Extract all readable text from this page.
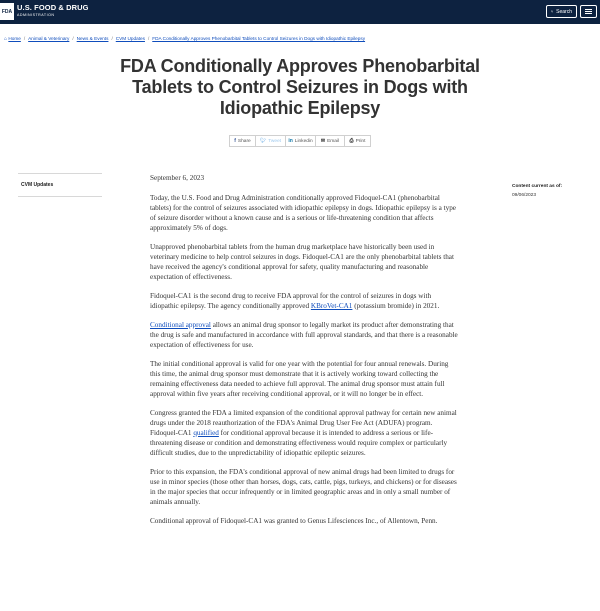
FDA U.S. FOOD & DRUG
ADMINISTRATION
Search
⌂ Home / Animal & Veterinary / News & Events / CVM Updates / FDA Conditionally Approves Phenobarbital Tablets to Control Seizures in Dogs with Idiopathic Epilepsy
FDA Conditionally Approves Phenobarbital Tablets to Control Seizures in Dogs with Idiopathic Epilepsy
f Share 🐦︎ Tweet in Linkedin ✉ Email ⎙ Print
CVM Updates	Content current as of:
09/06/2023
September 6, 2023

Today, the U.S. Food and Drug Administration conditionally approved Fidoquel-CA1 (phenobarbital tablets) for the control of seizures associated with idiopathic epilepsy in dogs. Idiopathic epilepsy is a type of seizure disorder without a known cause and is a serious or life-threatening condition that affects approximately 5% of dogs.

Unapproved phenobarbital tablets from the human drug marketplace have historically been used in veterinary medicine to help control seizures in dogs. Fidoquel-CA1 are the only phenobarbital tablets that have received the agency's conditional approval for safety, quality manufacturing and reasonable expectation of effectiveness.

Fidoquel-CA1 is the second drug to receive FDA approval for the control of seizures in dogs with idiopathic epilepsy. The agency conditionally approved KBroVet-CA1 (potassium bromide) in 2021.

Conditional approval allows an animal drug sponsor to legally market its product after demonstrating that the drug is safe and manufactured in accordance with full approval standards, and that there is a reasonable expectation of effectiveness for use.

The initial conditional approval is valid for one year with the potential for four annual renewals. During this time, the animal drug sponsor must demonstrate that it is actively working toward collecting the remaining effectiveness data needed to achieve full approval. The animal drug sponsor must attain full approval within five years after receiving conditional approval, or it will no longer be in effect.

Congress granted the FDA a limited expansion of the conditional approval pathway for certain new animal drugs under the 2018 reauthorization of the FDA's Animal Drug User Fee Act (ADUFA) program. Fidoquel-CA1 qualified for conditional approval because it is intended to address a serious or life-threatening disease or condition and demonstrating effectiveness would require complex or particularly difficult studies, due to the unpredictability of idiopathic epileptic seizures.

Prior to this expansion, the FDA's conditional approval of new animal drugs had been limited to drugs for use in minor species (those other than horses, dogs, cats, cattle, pigs, turkeys, and chickens) or for diseases in the major species that occur infrequently or in limited geographic areas and in only a small number of animals annually.

Conditional approval of Fidoquel-CA1 was granted to Genus Lifesciences Inc., of Allentown, Penn.
